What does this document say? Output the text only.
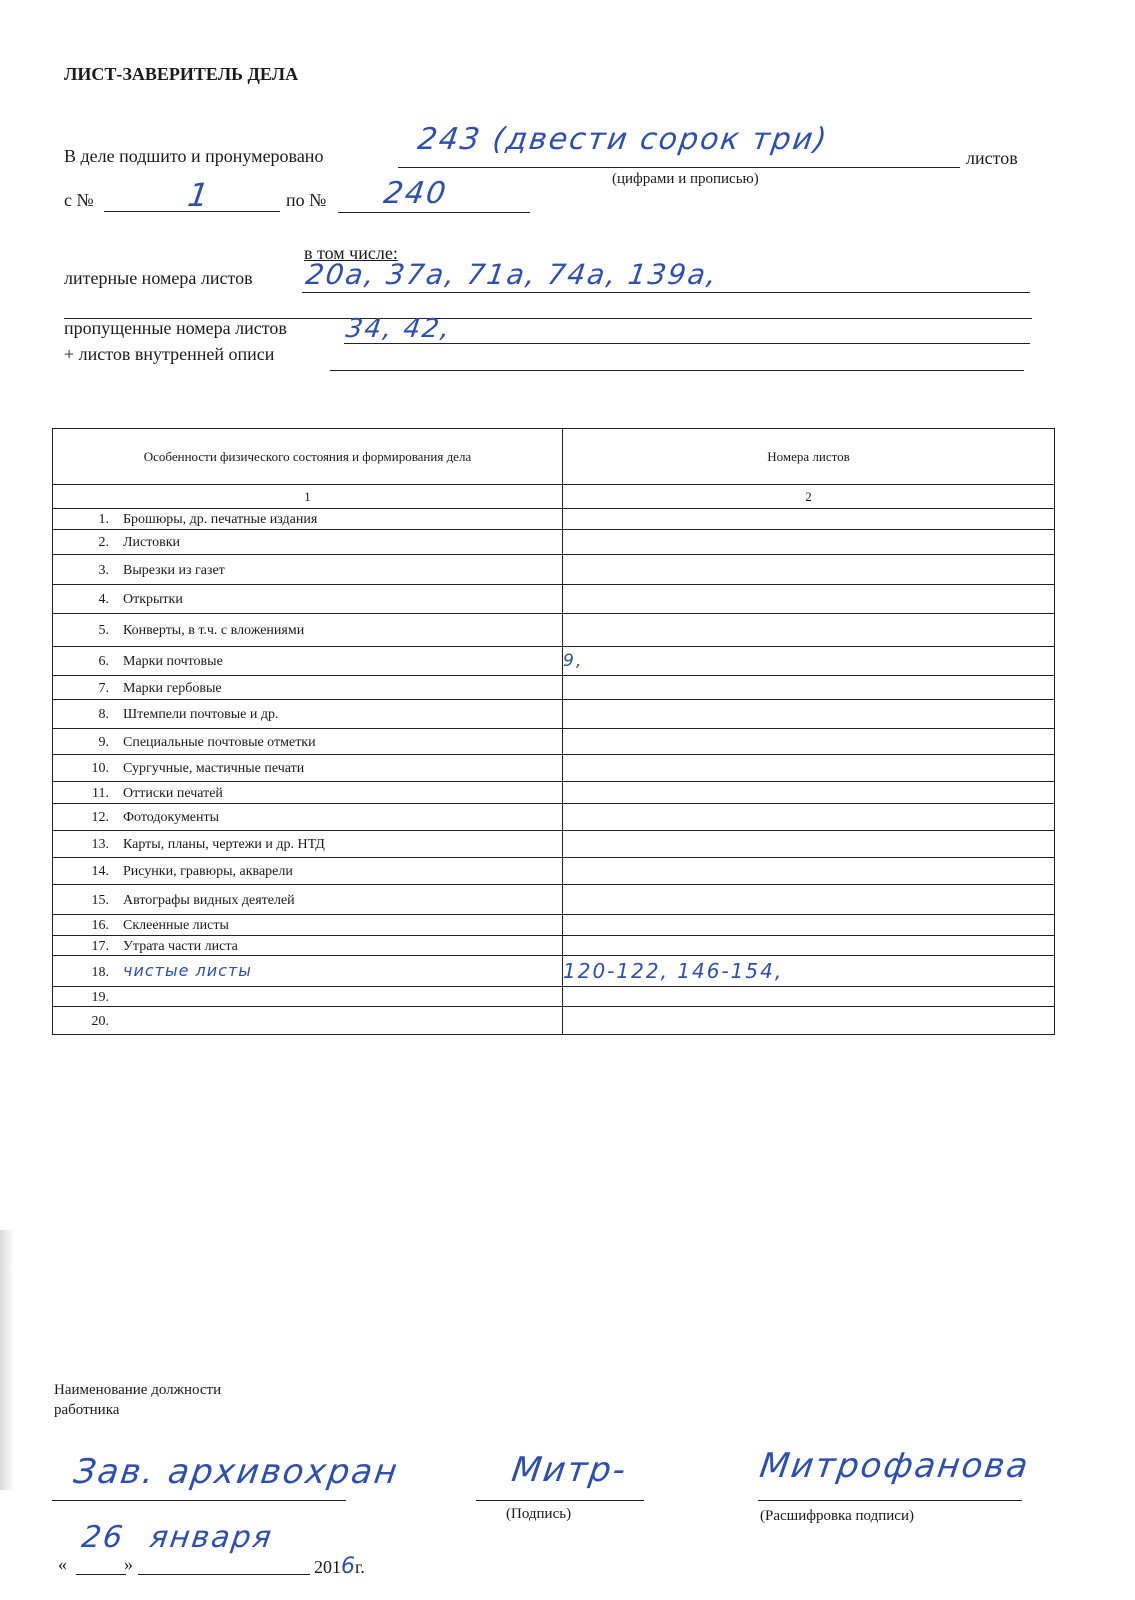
ЛИСТ-ЗАВЕРИТЕЛЬ ДЕЛА
В деле подшито и пронумеровано	243 (двести сорок три)
листов
(цифрами и прописью)
с №	1	по № 240
в том числе:
литерные номера листов 20а, 37а, 71а, 74а, 139а,
пропущенные номера листов 34, 42,
+ листов внутренней описи
Особенности физического состояния и формирования дела	Номера листов
1	2
1. Брошюры, др. печатные издания	
2. Листовки	
3. Вырезки из газет	
4. Открытки	
5. Конверты, в т.ч. с вложениями	
6. Марки почтовые	9,
7. Марки гербовые	
8. Штемпели почтовые и др.	
9. Специальные почтовые отметки	
10. Сургучные, мастичные печати	
11. Оттиски печатей	
12. Фотодокументы	
13. Карты, планы, чертежи и др. НТД	
14. Рисунки, гравюры, акварели	
15. Автографы видных деятелей	
16. Склеенные листы	
17. Утрата части листа	
18. чистые листы	120-122, 146-154,
19.	
20.	
Наименование должности
работника
Зав. архивохран	Митр-
(Подпись)
Митрофанова
(Расшифровка подписи)
«
26
»
января
2016г.
